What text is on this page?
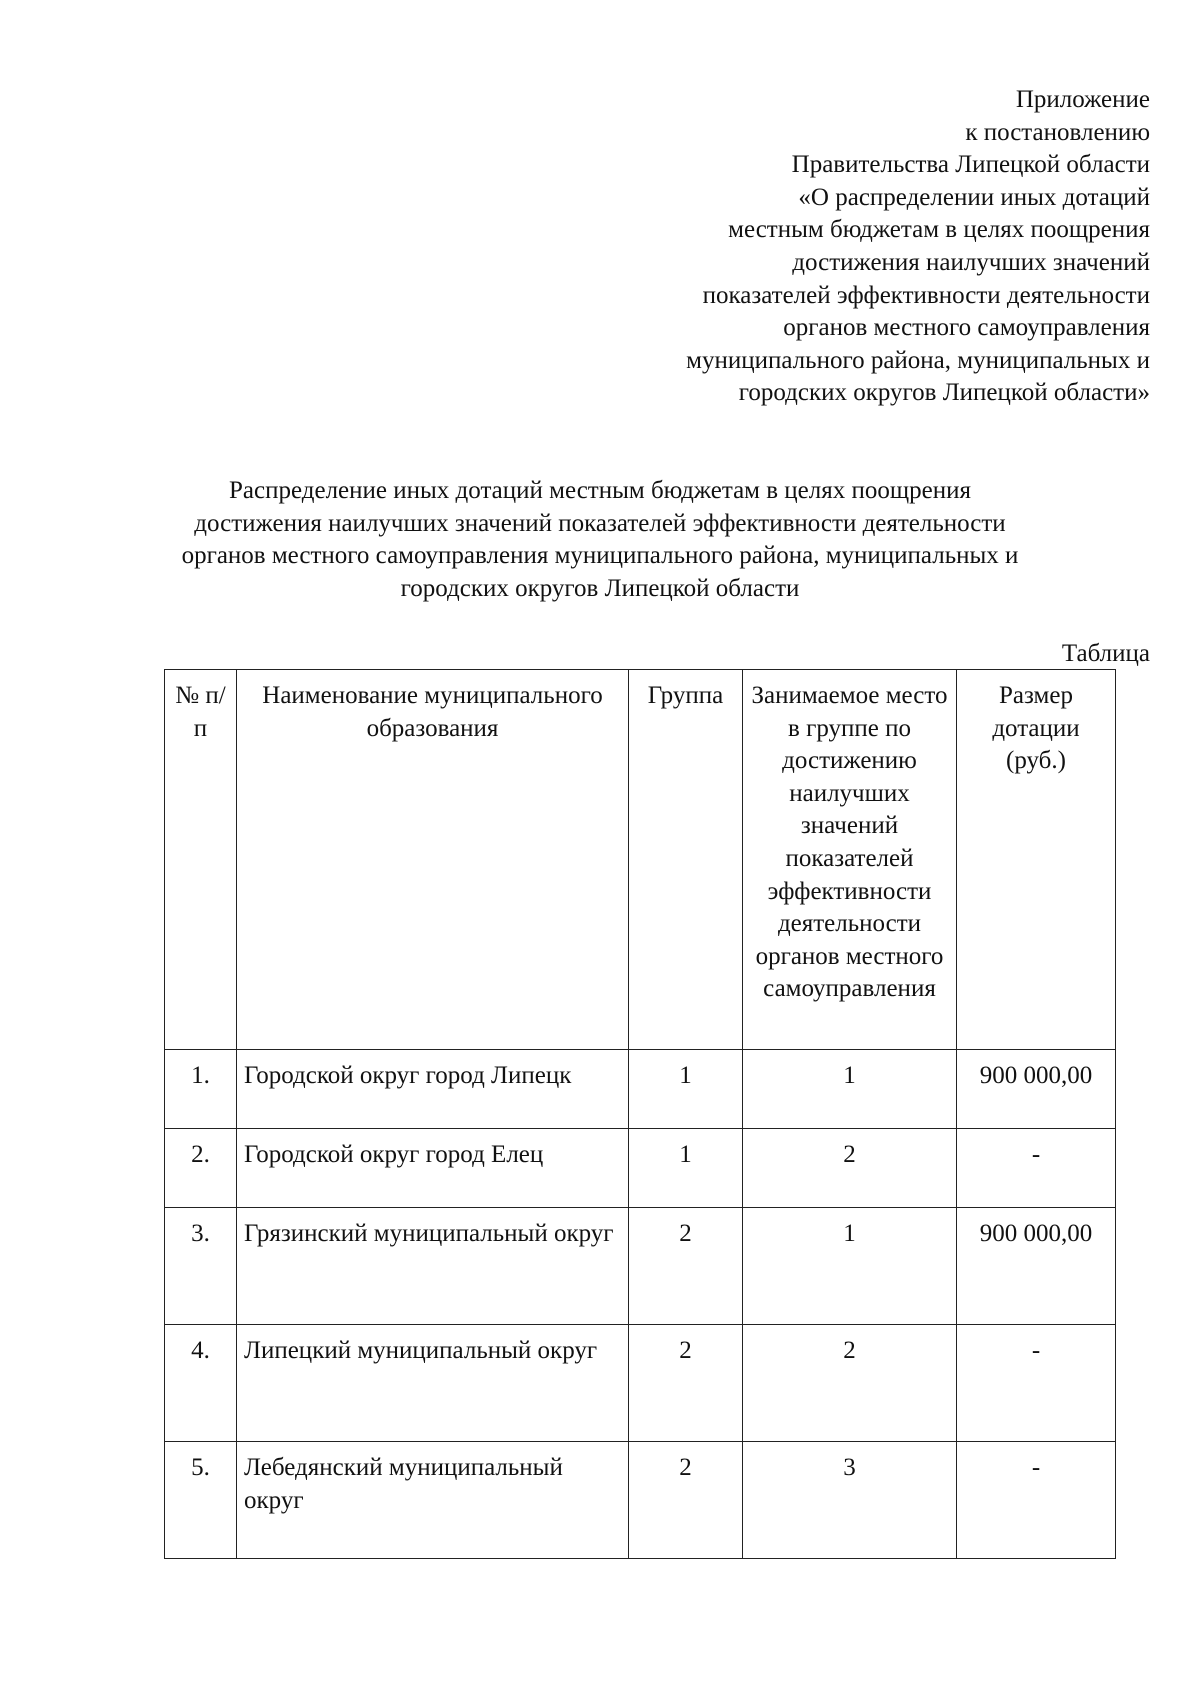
Приложение
к постановлению
Правительства Липецкой области
«О распределении иных дотаций
местным бюджетам в целях поощрения
достижения наилучших значений
показателей эффективности деятельности
органов местного самоуправления
муниципального района, муниципальных и
городских округов Липецкой области»
Распределение иных дотаций местным бюджетам в целях поощрения
достижения наилучших значений показателей эффективности деятельности
органов местного самоуправления муниципального района, муниципальных и
городских округов Липецкой области
Таблица
№ п/п	Наименование муниципального образования	Группа	Занимаемое место в группе по достижению наилучших значений показателей эффективности деятельности органов местного самоуправления	Размер дотации (руб.)
1.	Городской округ город Липецк	1	1	900 000,00
2.	Городской округ город Елец	1	2	-
3.	Грязинский муниципальный округ	2	1	900 000,00
4.	Липецкий муниципальный округ	2	2	-
5.	Лебедянский муниципальный округ	2	3	-
